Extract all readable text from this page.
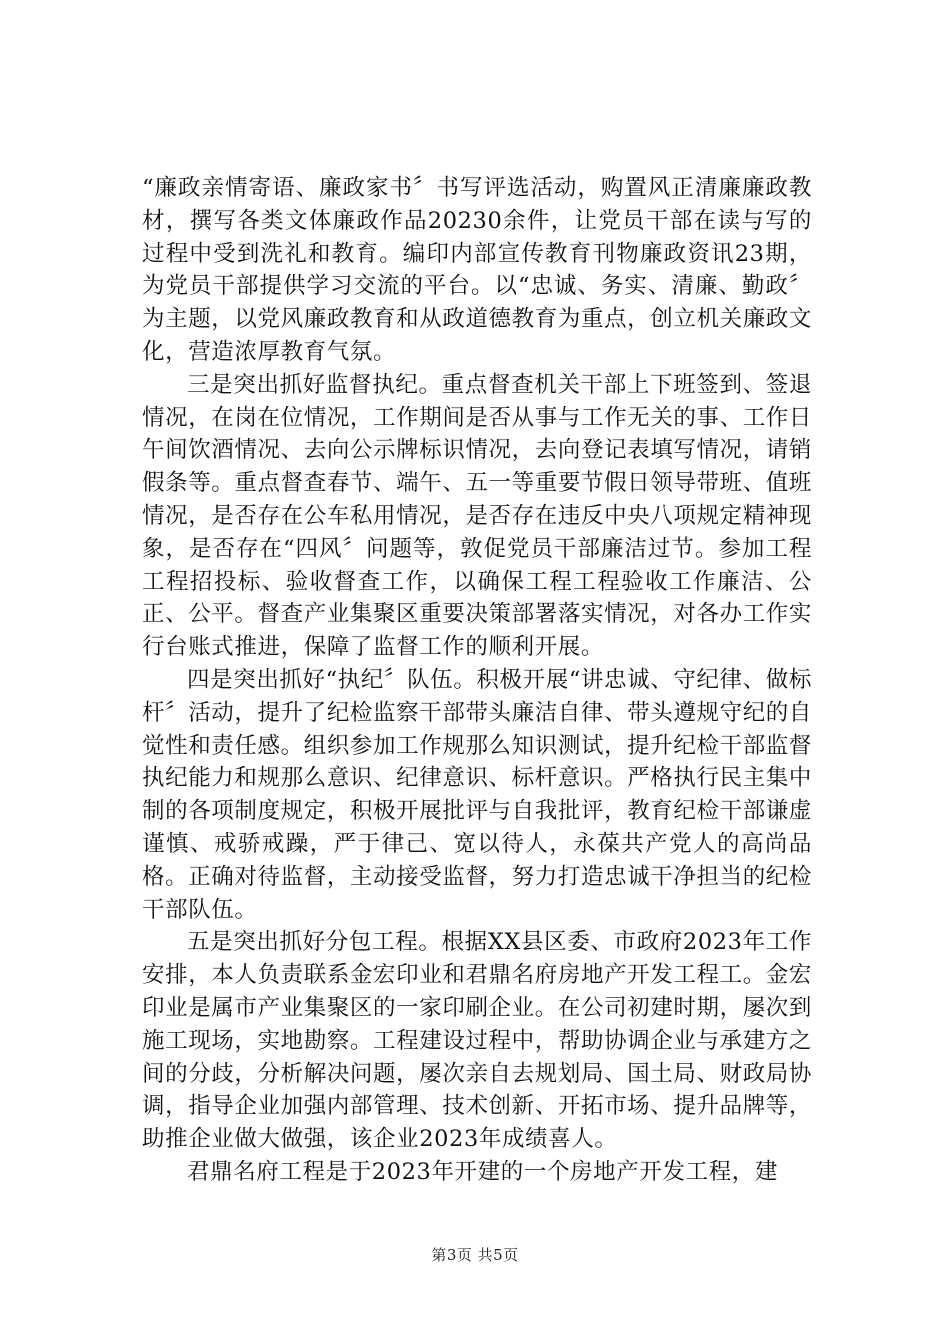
“廉政亲情寄语、廉政家书〞书写评选活动，购置风正清廉廉政教材，撰写各类文体廉政作品20230余件，让党员干部在读与写的过程中受到洗礼和教育。编印内部宣传教育刊物廉政资讯23期，为党员干部提供学习交流的平台。以“忠诚、务实、清廉、勤政〞为主题，以党风廉政教育和从政道德教育为重点，创立机关廉政文化，营造浓厚教育气氛。

三是突出抓好监督执纪。重点督查机关干部上下班签到、签退情况，在岗在位情况，工作期间是否从事与工作无关的事、工作日午间饮酒情况、去向公示牌标识情况，去向登记表填写情况，请销假条等。重点督查春节、端午、五一等重要节假日领导带班、值班情况，是否存在公车私用情况，是否存在违反中央八项规定精神现象，是否存在“四风〞问题等，敦促党员干部廉洁过节。参加工程工程招投标、验收督查工作，以确保工程工程验收工作廉洁、公正、公平。督查产业集聚区重要决策部署落实情况，对各办工作实行台账式推进，保障了监督工作的顺利开展。

四是突出抓好“执纪〞队伍。积极开展“讲忠诚、守纪律、做标杆〞活动，提升了纪检监察干部带头廉洁自律、带头遵规守纪的自觉性和责任感。组织参加工作规那么知识测试，提升纪检干部监督执纪能力和规那么意识、纪律意识、标杆意识。严格执行民主集中制的各项制度规定，积极开展批评与自我批评，教育纪检干部谦虚谨慎、戒骄戒躁，严于律己、宽以待人，永葆共产党人的高尚品格。正确对待监督，主动接受监督，努力打造忠诚干净担当的纪检干部队伍。

五是突出抓好分包工程。根据XX县区委、市政府2023年工作安排，本人负责联系金宏印业和君鼎名府房地产开发工程工。金宏印业是属市产业集聚区的一家印刷企业。在公司初建时期，屡次到施工现场，实地勘察。工程建设过程中，帮助协调企业与承建方之间的分歧，分析解决问题，屡次亲自去规划局、国土局、财政局协调，指导企业加强内部管理、技术创新、开拓市场、提升品牌等，助推企业做大做强，该企业2023年成绩喜人。

君鼎名府工程是于2023年开建的一个房地产开发工程，建

第3页 共5页
